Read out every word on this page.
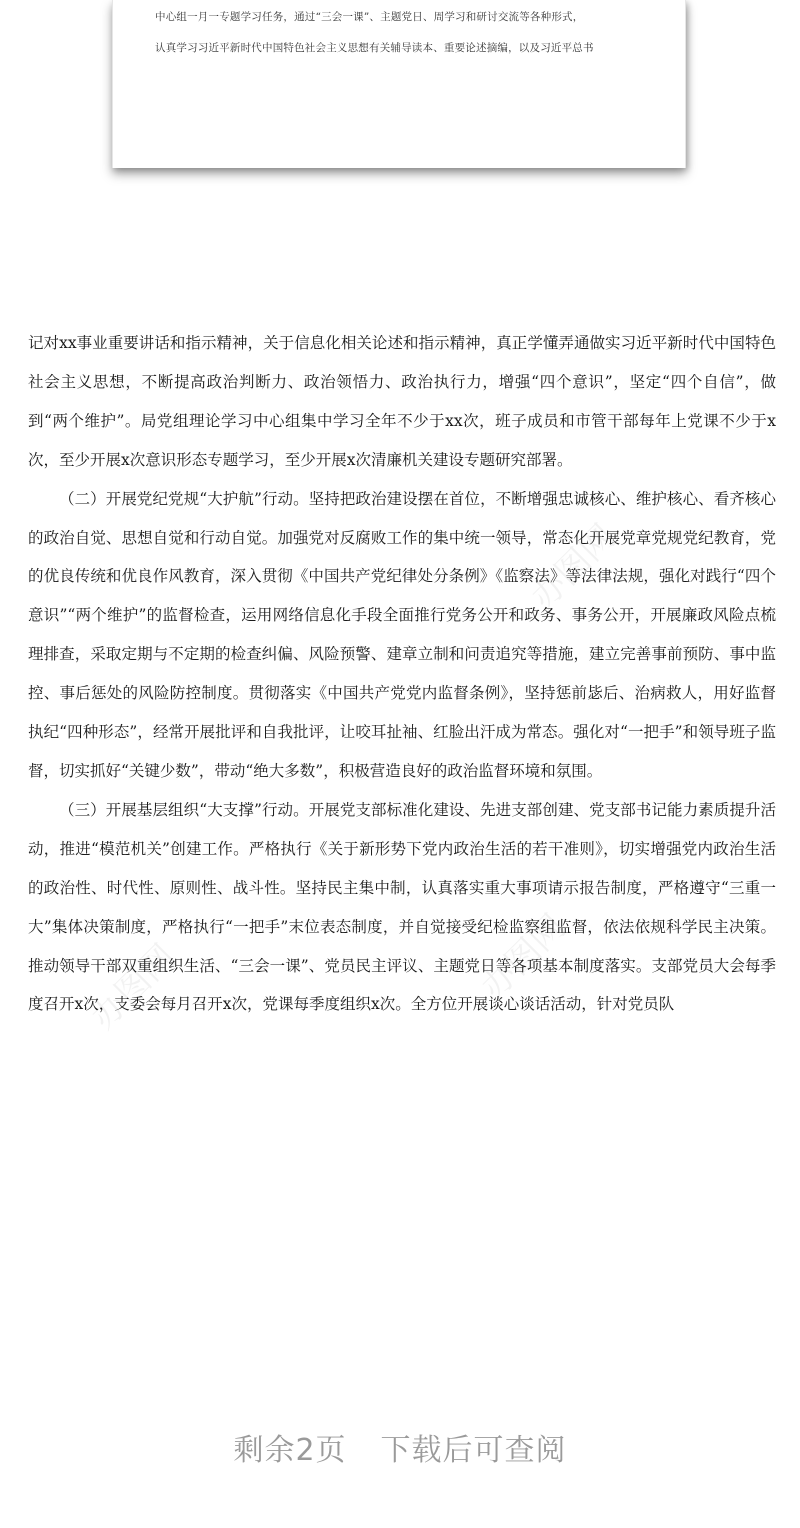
中心组一月一专题学习任务，通过“三会一课”、主题党日、周学习和研讨交流等各种形式，
认真学习习近平新时代中国特色社会主义思想有关辅导读本、重要论述摘编，以及习近平总书
办图网
办图网
办图网

记对xx事业重要讲话和指示精神，关于信息化相关论述和指示精神，真正学懂弄通做实习近平新时代中国特色社会主义思想，不断提高政治判断力、政治领悟力、政治执行力，增强“四个意识”，坚定“四个自信”，做到“两个维护”。局党组理论学习中心组集中学习全年不少于xx次，班子成员和市管干部每年上党课不少于x次，至少开展x次意识形态专题学习，至少开展x次清廉机关建设专题研究部署。

（二）开展党纪党规“大护航”行动。坚持把政治建设摆在首位，不断增强忠诚核心、维护核心、看齐核心的政治自觉、思想自觉和行动自觉。加强党对反腐败工作的集中统一领导，常态化开展党章党规党纪教育，党的优良传统和优良作风教育，深入贯彻《中国共产党纪律处分条例》《监察法》等法律法规，强化对践行“四个意识”“两个维护”的监督检查，运用网络信息化手段全面推行党务公开和政务、事务公开，开展廉政风险点梳理排查，采取定期与不定期的检查纠偏、风险预警、建章立制和问责追究等措施，建立完善事前预防、事中监控、事后惩处的风险防控制度。贯彻落实《中国共产党党内监督条例》，坚持惩前毖后、治病救人，用好监督执纪“四种形态”，经常开展批评和自我批评，让咬耳扯袖、红脸出汗成为常态。强化对“一把手”和领导班子监督，切实抓好“关键少数”，带动“绝大多数”，积极营造良好的政治监督环境和氛围。

（三）开展基层组织“大支撑”行动。开展党支部标准化建设、先进支部创建、党支部书记能力素质提升活动，推进“模范机关”创建工作。严格执行《关于新形势下党内政治生活的若干准则》，切实增强党内政治生活的政治性、时代性、原则性、战斗性。坚持民主集中制，认真落实重大事项请示报告制度，严格遵守“三重一大”集体决策制度，严格执行“一把手”末位表态制度，并自觉接受纪检监察组监督，依法依规科学民主决策。推动领导干部双重组织生活、“三会一课”、党员民主评议、主题党日等各项基本制度落实。支部党员大会每季度召开x次，支委会每月召开x次，党课每季度组织x次。全方位开展谈心谈话活动，针对党员队

剩余2页 下载后可查阅
